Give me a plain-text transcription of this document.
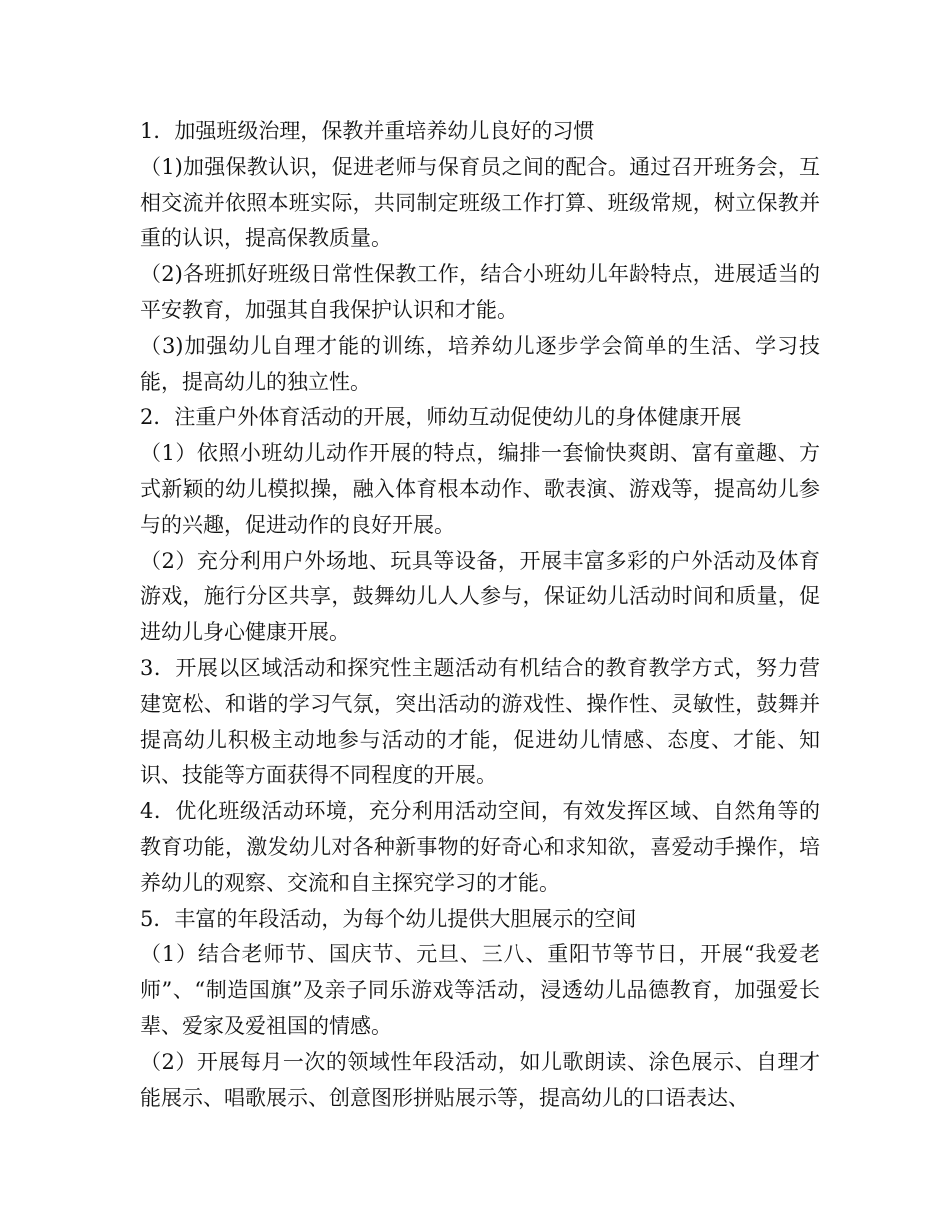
1．加强班级治理，保教并重培养幼儿良好的习惯

（1)加强保教认识，促进老师与保育员之间的配合。通过召开班务会，互相交流并依照本班实际，共同制定班级工作打算、班级常规，树立保教并重的认识，提高保教质量。

（2)各班抓好班级日常性保教工作，结合小班幼儿年龄特点，进展适当的平安教育，加强其自我保护认识和才能。

（3)加强幼儿自理才能的训练，培养幼儿逐步学会简单的生活、学习技能，提高幼儿的独立性。

2．注重户外体育活动的开展，师幼互动促使幼儿的身体健康开展

（1）依照小班幼儿动作开展的特点，编排一套愉快爽朗、富有童趣、方式新颖的幼儿模拟操，融入体育根本动作、歌表演、游戏等，提高幼儿参与的兴趣，促进动作的良好开展。

（2）充分利用户外场地、玩具等设备，开展丰富多彩的户外活动及体育游戏，施行分区共享，鼓舞幼儿人人参与，保证幼儿活动时间和质量，促进幼儿身心健康开展。

3．开展以区域活动和探究性主题活动有机结合的教育教学方式，努力营建宽松、和谐的学习气氛，突出活动的游戏性、操作性、灵敏性，鼓舞并提高幼儿积极主动地参与活动的才能，促进幼儿情感、态度、才能、知识、技能等方面获得不同程度的开展。

4．优化班级活动环境，充分利用活动空间，有效发挥区域、自然角等的教育功能，激发幼儿对各种新事物的好奇心和求知欲，喜爱动手操作，培养幼儿的观察、交流和自主探究学习的才能。

5．丰富的年段活动，为每个幼儿提供大胆展示的空间

（1）结合老师节、国庆节、元旦、三八、重阳节等节日，开展“我爱老师”、“制造国旗”及亲子同乐游戏等活动，浸透幼儿品德教育，加强爱长辈、爱家及爱祖国的情感。

（2）开展每月一次的领域性年段活动，如儿歌朗读、涂色展示、自理才能展示、唱歌展示、创意图形拼贴展示等，提高幼儿的口语表达、
